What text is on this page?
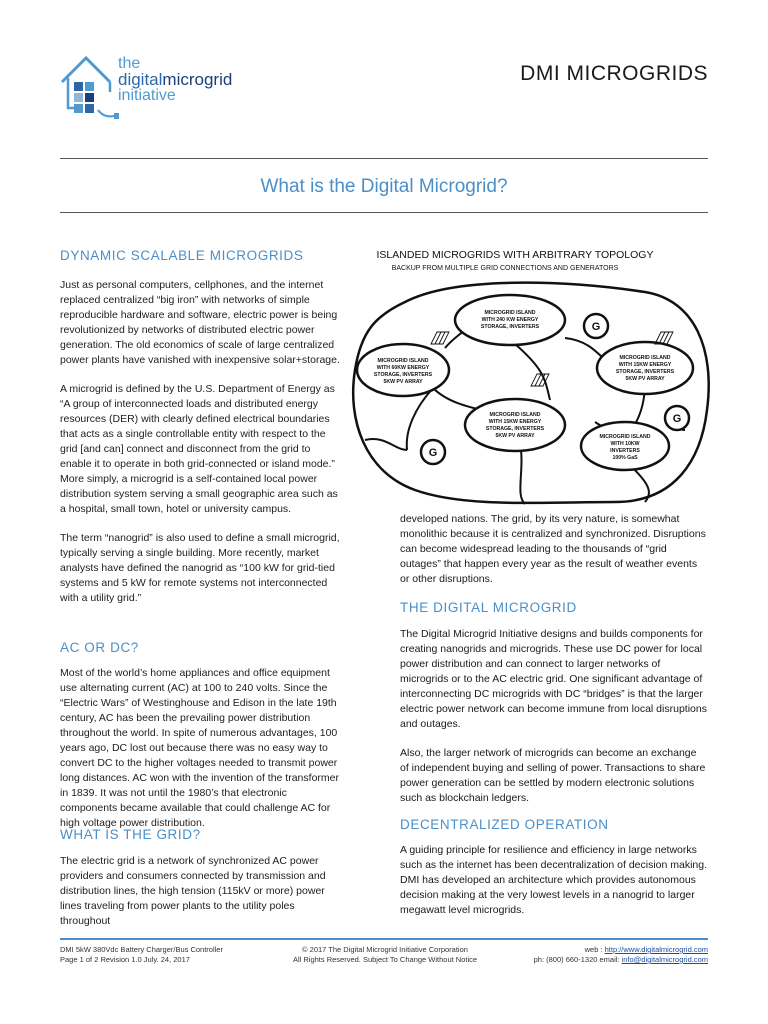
the
digitalmicrogrid
initiative
DMI MICROGRIDS
What is the Digital Microgrid?
DYNAMIC SCALABLE MICROGRIDS

Just as personal computers, cellphones, and the internet replaced centralized “big iron” with networks of simple reproducible hardware and software, electric power is being revolutionized by networks of distributed electric power generation. The old economics of scale of large centralized power plants have vanished with inexpensive solar+storage.

A microgrid is defined by the U.S. Department of Energy as “A group of interconnected loads and distributed energy resources (DER) with clearly defined electrical boundaries that acts as a single controllable entity with respect to the grid [and can] connect and disconnect from the grid to enable it to operate in both grid-connected or island mode.” More simply, a microgrid is a self-contained local power distribution system serving a small geographic area such as a hospital, small town, hotel or university campus.

The term “nanogrid” is also used to define a small microgrid, typically serving a single building. More recently, market analysts have defined the nanogrid as “100 kW for grid-tied systems and 5 kW for remote systems not interconnected with a utility grid.”

AC OR DC?

Most of the world’s home appliances and office equipment use alternating current (AC) at 100 to 240 volts. Since the “Electric Wars” of Westinghouse and Edison in the late 19th century, AC has been the prevailing power distribution throughout the world. In spite of numerous advantages, 100 years ago, DC lost out because there was no easy way to convert DC to the higher voltages needed to transmit power long distances. AC won with the invention of the transformer in 1839. It was not until the 1980’s that electronic components became available that could challenge AC for high voltage power distribution.

WHAT IS THE GRID?

The electric grid is a network of synchronized AC power providers and consumers connected by transmission and distribution lines, the high tension (115kV or more) power lines traveling from power plants to the utility poles throughout

ISLANDED MICROGRIDS WITH ARBITRARY TOPOLOGY
BACKUP FROM MULTIPLE GRID CONNECTIONS AND GENERATORS
MICROGRID ISLAND
WITH 240 KW ENERGY
STORAGE, INVERTERS
MICROGRID ISLAND
WITH 60KW ENERGY
STORAGE, INVERTERS
5KW PV ARRAY
MICROGRID ISLAND
WITH 15KW ENERGY
STORAGE, INVERTERS
5KW PV ARRAY
MICROGRID ISLAND
WITH 15KW ENERGY
STORAGE, INVERTERS
5KW PV ARRAY
MICROGRID ISLAND
WITH 10KW
INVERTERS
100% GaS
G
G
G

developed nations. The grid, by its very nature, is somewhat monolithic because it is centralized and synchronized. Disruptions can become widespread leading to the thousands of “grid outages” that happen every year as the result of weather events or other disruptions.

THE DIGITAL MICROGRID

The Digital Microgrid Initiative designs and builds components for creating nanogrids and microgrids. These use DC power for local power distribution and can connect to larger networks of microgrids or to the AC electric grid. One significant advantage of interconnecting DC microgrids with DC “bridges” is that the larger electric power network can become immune from local disruptions and outages.

Also, the larger network of microgrids can become an exchange of independent buying and selling of power. Transactions to share power generation can be settled by modern electronic solutions such as blockchain ledgers.

DECENTRALIZED OPERATION

A guiding principle for resilience and efficiency in large networks such as the internet has been decentralization of decision making. DMI has developed an architecture which provides autonomous decision making at the very lowest levels in a nanogrid to larger megawatt level microgrids.

DMI 5kW 380Vdc Battery Charger/Bus Controller
Page 1 of 2 Revision 1.0 July. 24, 2017
© 2017 The Digital Microgrid Initiative Corporation
All Rights Reserved. Subject To Change Without Notice
web : http://www.digitalmicrogrid.com
ph: (800) 660-1320 email: info@digitalmicrogrid.com
